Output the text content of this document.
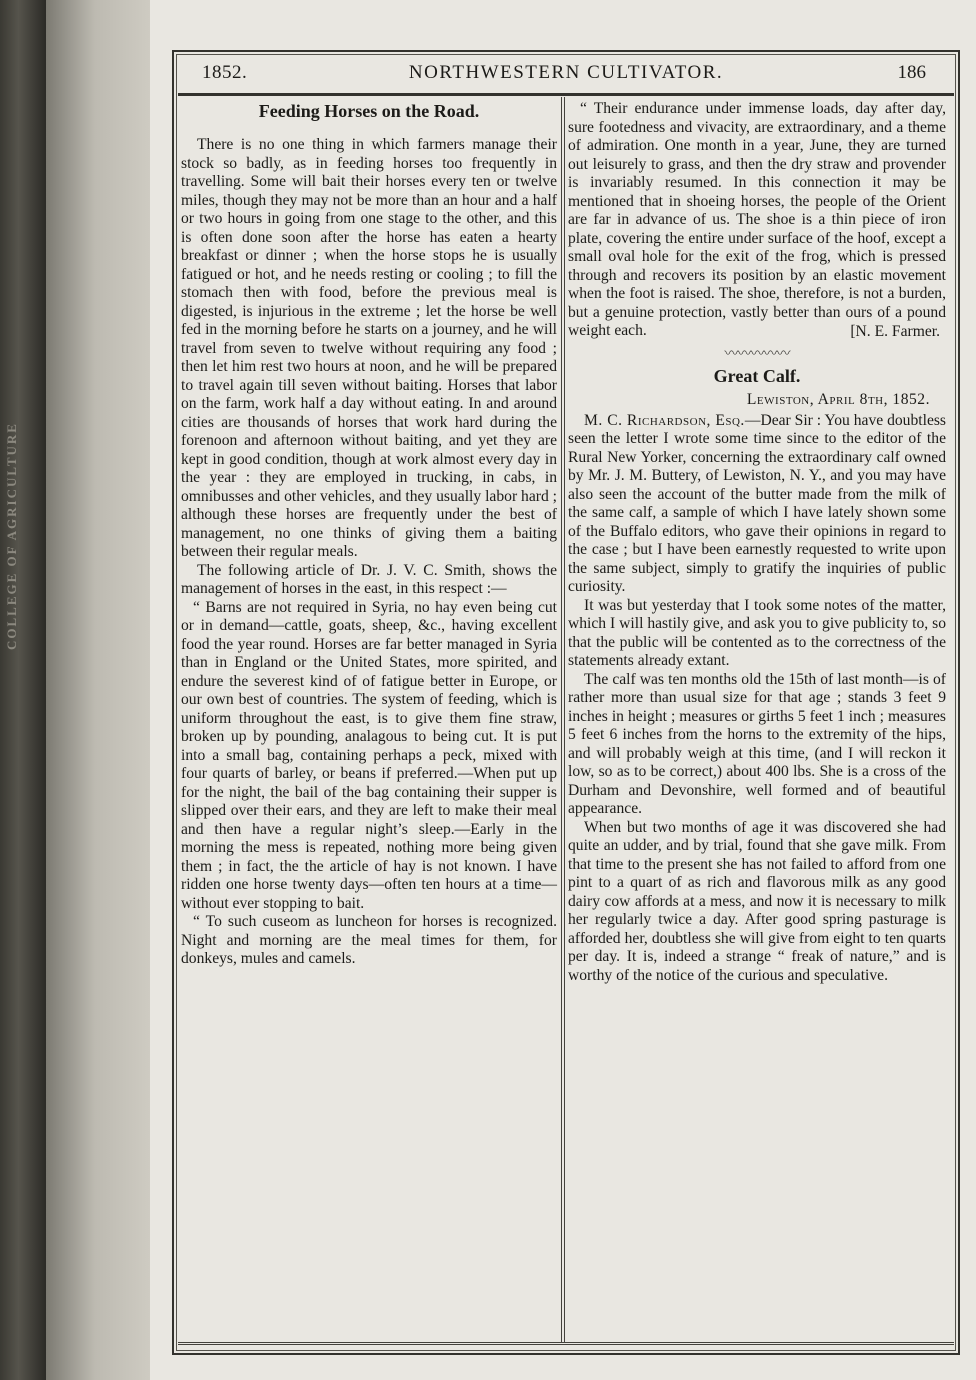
COLLEGE OF AGRICULTURE
1852.	NORTHWESTERN CULTIVATOR.	186
Feeding Horses on the Road.

There is no one thing in which farmers manage their stock so badly, as in feeding horses too frequently in travelling. Some will bait their horses every ten or twelve miles, though they may not be more than an hour and a half or two hours in going from one stage to the other, and this is often done soon after the horse has eaten a hearty breakfast or dinner ; when the horse stops he is usually fatigued or hot, and he needs resting or cooling ; to fill the stomach then with food, before the previous meal is digested, is injurious in the extreme ; let the horse be well fed in the morning before he starts on a journey, and he will travel from seven to twelve without requiring any food ; then let him rest two hours at noon, and he will be prepared to travel again till seven without baiting. Horses that labor on the farm, work half a day without eating. In and around cities are thousands of horses that work hard during the forenoon and afternoon without baiting, and yet they are kept in good condition, though at work almost every day in the year : they are employed in trucking, in cabs, in omnibusses and other vehicles, and they usually labor hard ; although these horses are frequently under the best of management, no one thinks of giving them a baiting between their regular meals.

The following article of Dr. J. V. C. Smith, shows the management of horses in the east, in this respect :—

“ Barns are not required in Syria, no hay even being cut or in demand—cattle, goats, sheep, &c., having excellent food the year round. Horses are far better managed in Syria than in England or the United States, more spirited, and endure the severest kind of of fatigue better in Europe, or our own best of countries. The system of feeding, which is uniform throughout the east, is to give them fine straw, broken up by pounding, analagous to being cut. It is put into a small bag, containing perhaps a peck, mixed with four quarts of barley, or beans if preferred.—When put up for the night, the bail of the bag containing their supper is slipped over their ears, and they are left to make their meal and then have a regular night’s sleep.—Early in the morning the mess is repeated, nothing more being given them ; in fact, the the article of hay is not known. I have ridden one horse twenty days—often ten hours at a time—without ever stopping to bait.

“ To such cuseom as luncheon for horses is recognized. Night and morning are the meal times for them, for donkeys, mules and camels.

“ Their endurance under immense loads, day after day, sure footedness and vivacity, are extraordinary, and a theme of admiration. One month in a year, June, they are turned out leisurely to grass, and then the dry straw and provender is invariably resumed. In this connection it may be mentioned that in shoeing horses, the people of the Orient are far in advance of us. The shoe is a thin piece of iron plate, covering the entire under surface of the hoof, except a small oval hole for the exit of the frog, which is pressed through and recovers its position by an elastic movement when the foot is raised. The shoe, therefore, is not a burden, but a genuine protection, vastly better than ours of a pound weight each.	[N. E. Farmer.
〰〰〰〰〰
Great Calf.
Lewiston, April 8th, 1852.

M. C. Richardson, Esq.—Dear Sir : You have doubtless seen the letter I wrote some time since to the editor of the Rural New Yorker, concerning the extraordinary calf owned by Mr. J. M. Buttery, of Lewiston, N. Y., and you may have also seen the account of the butter made from the milk of the same calf, a sample of which I have lately shown some of the Buffalo editors, who gave their opinions in regard to the case ; but I have been earnestly requested to write upon the same subject, simply to gratify the inquiries of public curiosity.

It was but yesterday that I took some notes of the matter, which I will hastily give, and ask you to give publicity to, so that the public will be contented as to the correctness of the statements already extant.

The calf was ten months old the 15th of last month—is of rather more than usual size for that age ; stands 3 feet 9 inches in height ; measures or girths 5 feet 1 inch ; measures 5 feet 6 inches from the horns to the extremity of the hips, and will probably weigh at this time, (and I will reckon it low, so as to be correct,) about 400 lbs. She is a cross of the Durham and Devonshire, well formed and of beautiful appearance.

When but two months of age it was discovered she had quite an udder, and by trial, found that she gave milk. From that time to the present she has not failed to afford from one pint to a quart of as rich and flavorous milk as any good dairy cow affords at a mess, and now it is necessary to milk her regularly twice a day. After good spring pasturage is afforded her, doubtless she will give from eight to ten quarts per day. It is, indeed a strange “ freak of nature,” and is worthy of the notice of the curious and speculative.
